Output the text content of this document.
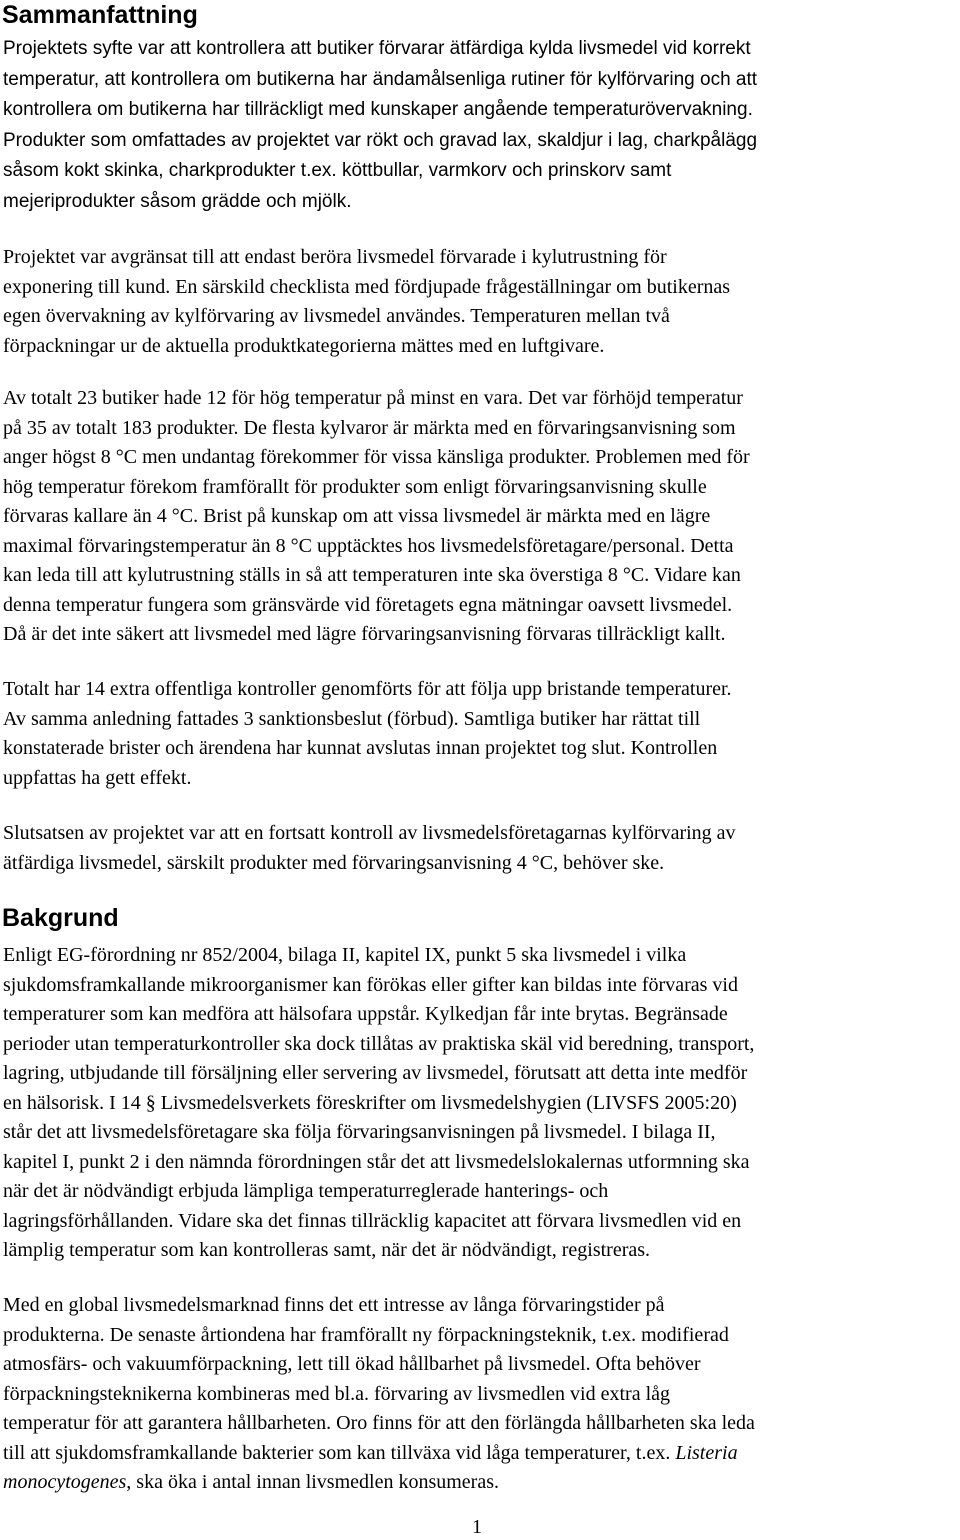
Sammanfattning

Projektets syfte var att kontrollera att butiker förvarar ätfärdiga kylda livsmedel vid korrekt
temperatur, att kontrollera om butikerna har ändamålsenliga rutiner för kylförvaring och att
kontrollera om butikerna har tillräckligt med kunskaper angående temperaturövervakning.
Produkter som omfattades av projektet var rökt och gravad lax, skaldjur i lag, charkpålägg
såsom kokt skinka, charkprodukter t.ex. köttbullar, varmkorv och prinskorv samt
mejeriprodukter såsom grädde och mjölk.

Projektet var avgränsat till att endast beröra livsmedel förvarade i kylutrustning för
exponering till kund. En särskild checklista med fördjupade frågeställningar om butikernas
egen övervakning av kylförvaring av livsmedel användes. Temperaturen mellan två
förpackningar ur de aktuella produktkategorierna mättes med en luftgivare.

Av totalt 23 butiker hade 12 för hög temperatur på minst en vara. Det var förhöjd temperatur
på 35 av totalt 183 produkter. De flesta kylvaror är märkta med en förvaringsanvisning som
anger högst 8 °C men undantag förekommer för vissa känsliga produkter. Problemen med för
hög temperatur förekom framförallt för produkter som enligt förvaringsanvisning skulle
förvaras kallare än 4 °C. Brist på kunskap om att vissa livsmedel är märkta med en lägre
maximal förvaringstemperatur än 8 °C upptäcktes hos livsmedelsföretagare/personal. Detta
kan leda till att kylutrustning ställs in så att temperaturen inte ska överstiga 8 °C. Vidare kan
denna temperatur fungera som gränsvärde vid företagets egna mätningar oavsett livsmedel.
Då är det inte säkert att livsmedel med lägre förvaringsanvisning förvaras tillräckligt kallt.

Totalt har 14 extra offentliga kontroller genomförts för att följa upp bristande temperaturer.
Av samma anledning fattades 3 sanktionsbeslut (förbud). Samtliga butiker har rättat till
konstaterade brister och ärendena har kunnat avslutas innan projektet tog slut. Kontrollen
uppfattas ha gett effekt.

Slutsatsen av projektet var att en fortsatt kontroll av livsmedelsföretagarnas kylförvaring av
ätfärdiga livsmedel, särskilt produkter med förvaringsanvisning 4 °C, behöver ske.

Bakgrund

Enligt EG-förordning nr 852/2004, bilaga II, kapitel IX, punkt 5 ska livsmedel i vilka
sjukdomsframkallande mikroorganismer kan förökas eller gifter kan bildas inte förvaras vid
temperaturer som kan medföra att hälsofara uppstår. Kylkedjan får inte brytas. Begränsade
perioder utan temperaturkontroller ska dock tillåtas av praktiska skäl vid beredning, transport,
lagring, utbjudande till försäljning eller servering av livsmedel, förutsatt att detta inte medför
en hälsorisk. I 14 § Livsmedelsverkets föreskrifter om livsmedelshygien (LIVSFS 2005:20)
står det att livsmedelsföretagare ska följa förvaringsanvisningen på livsmedel. I bilaga II,
kapitel I, punkt 2 i den nämnda förordningen står det att livsmedelslokalernas utformning ska
när det är nödvändigt erbjuda lämpliga temperaturreglerade hanterings- och
lagringsförhållanden. Vidare ska det finnas tillräcklig kapacitet att förvara livsmedlen vid en
lämplig temperatur som kan kontrolleras samt, när det är nödvändigt, registreras.

Med en global livsmedelsmarknad finns det ett intresse av långa förvaringstider på
produkterna. De senaste årtiondena har framförallt ny förpackningsteknik, t.ex. modifierad
atmosfärs- och vakuumförpackning, lett till ökad hållbarhet på livsmedel. Ofta behöver
förpackningsteknikerna kombineras med bl.a. förvaring av livsmedlen vid extra låg
temperatur för att garantera hållbarheten. Oro finns för att den förlängda hållbarheten ska leda
till att sjukdomsframkallande bakterier som kan tillväxa vid låga temperaturer, t.ex. Listeria
monocytogenes, ska öka i antal innan livsmedlen konsumeras.

1
